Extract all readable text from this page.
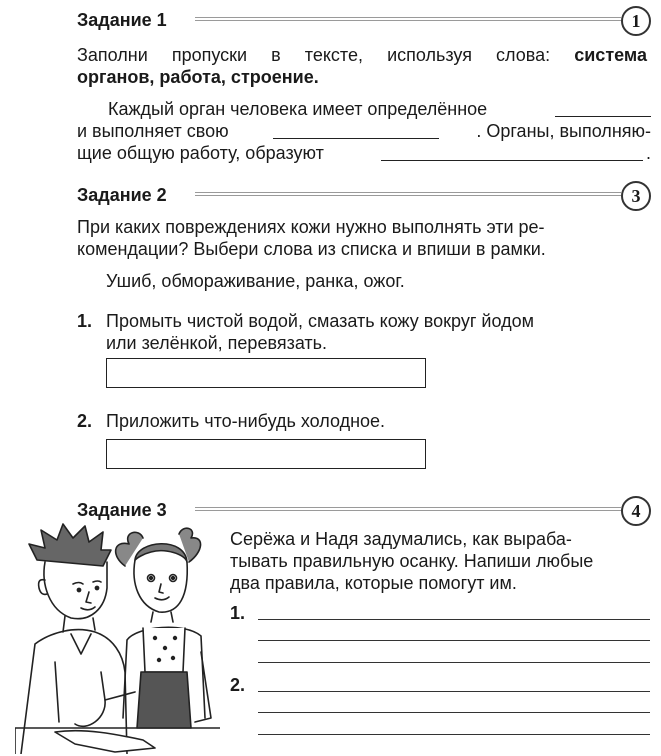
Задание 1	1
Заполни пропуски в тексте, используя слова: система
органов, работа, строение.
Каждый орган человека имеет определённое
и выполняет свою	. Органы, выполняю-
щие общую работу, образуют	.
Задание 2	3
При каких повреждениях кожи нужно выполнять эти ре-
комендации? Выбери слова из списка и впиши в рамки.
Ушиб, обмораживание, ранка, ожог.
1. Промыть чистой водой, смазать кожу вокруг йодом
или зелёнкой, перевязать.
2. Приложить что-нибудь холодное.
Задание 3	4
Серёжа и Надя задумались, как выраба-
тывать правильную осанку. Напиши любые
два правила, которые помогут им.
1.
2.
